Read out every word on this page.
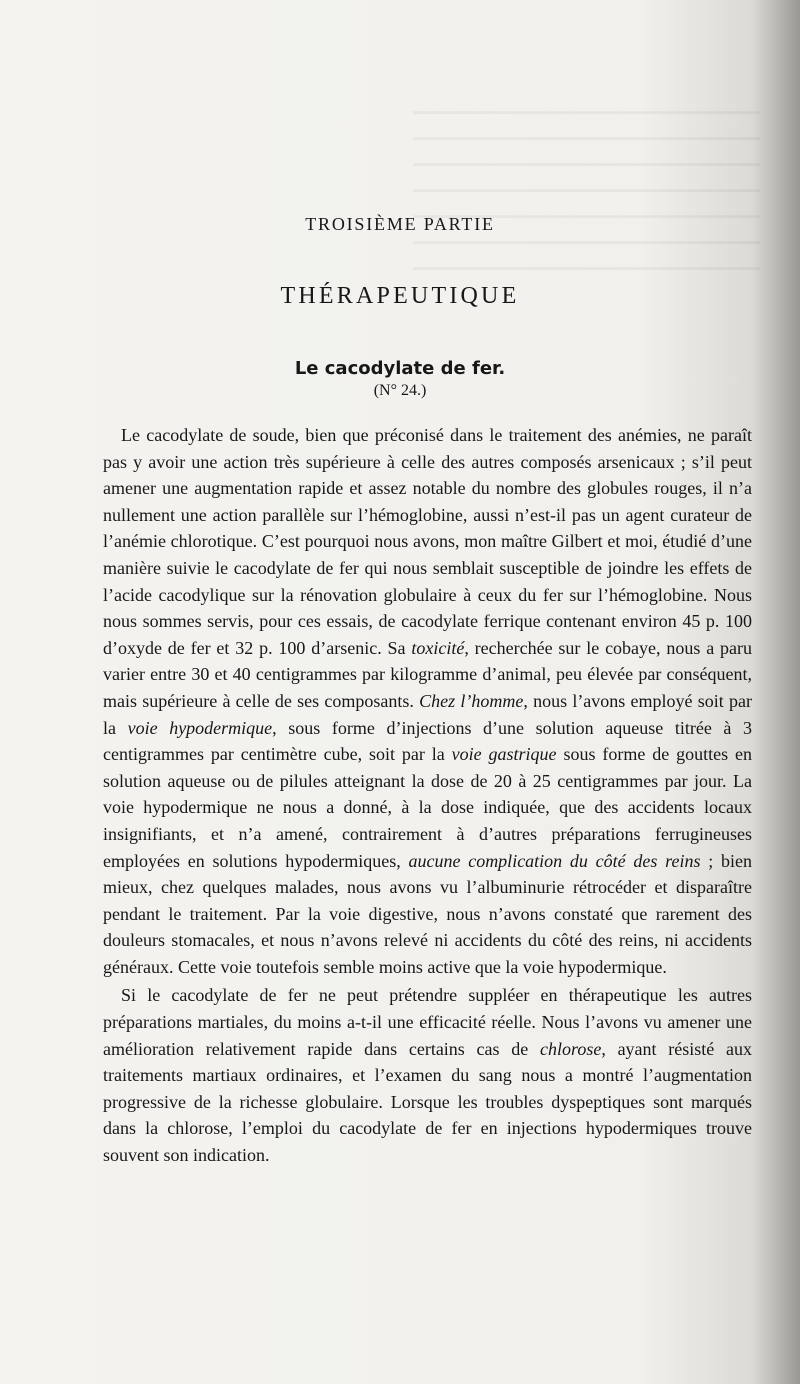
━━━━━━━━━━━━━━━━━━━━━━━━━━━━━━━━━━━━
━━━━━━━━━━━━━━━━━━━━━━━━━━━━━━━━━━━━
━━━━━━━━━━━━━━━━━━━━━━━━━━━━━━━━━━━━
━━━━━━━━━━━━━━━━━━━━━━━━━━━━━━━━━━━━
━━━━━━━━━━━━━━━━━━━━━━━━━━━━━━━━━━━━
━━━━━━━━━━━━━━━━━━━━━━━━━━━━━━━━━━━━
━━━━━━━━━━━━━━━━━━━━━━━━━━━━━━━━━━━━
TROISIÈME PARTIE
THÉRAPEUTIQUE
Le cacodylate de fer.
(N° 24.)

Le cacodylate de soude, bien que préconisé dans le traitement des anémies, ne paraît pas y avoir une action très supérieure à celle des autres composés arsenicaux ; s’il peut amener une augmentation rapide et assez notable du nombre des globules rouges, il n’a nullement une action parallèle sur l’hémoglobine, aussi n’est-il pas un agent curateur de l’anémie chlorotique. C’est pourquoi nous avons, mon maître Gilbert et moi, étudié d’une manière suivie le cacodylate de fer qui nous semblait susceptible de joindre les effets de l’acide cacodylique sur la rénovation globulaire à ceux du fer sur l’hémoglobine. Nous nous sommes servis, pour ces essais, de cacodylate ferrique contenant environ 45 p. 100 d’oxyde de fer et 32 p. 100 d’arsenic. Sa toxicité, recherchée sur le cobaye, nous a paru varier entre 30 et 40 centigrammes par kilogramme d’animal, peu élevée par conséquent, mais supérieure à celle de ses composants. Chez l’homme, nous l’avons employé soit par la voie hypodermique, sous forme d’injections d’une solution aqueuse titrée à 3 centigrammes par centimètre cube, soit par la voie gastrique sous forme de gouttes en solution aqueuse ou de pilules atteignant la dose de 20 à 25 centigrammes par jour. La voie hypodermique ne nous a donné, à la dose indiquée, que des accidents locaux insignifiants, et n’a amené, contrairement à d’autres préparations ferrugineuses employées en solutions hypodermiques, aucune complication du côté des reins ; bien mieux, chez quelques malades, nous avons vu l’albuminurie rétrocéder et disparaître pendant le traitement. Par la voie digestive, nous n’avons constaté que rarement des douleurs stomacales, et nous n’avons relevé ni accidents du côté des reins, ni accidents généraux. Cette voie toutefois semble moins active que la voie hypodermique.

Si le cacodylate de fer ne peut prétendre suppléer en thérapeutique les autres préparations martiales, du moins a-t-il une efficacité réelle. Nous l’avons vu amener une amélioration relativement rapide dans certains cas de chlorose, ayant résisté aux traitements martiaux ordinaires, et l’examen du sang nous a montré l’augmentation progressive de la richesse globulaire. Lorsque les troubles dyspeptiques sont marqués dans la chlorose, l’emploi du cacodylate de fer en injections hypodermiques trouve souvent son indication.
